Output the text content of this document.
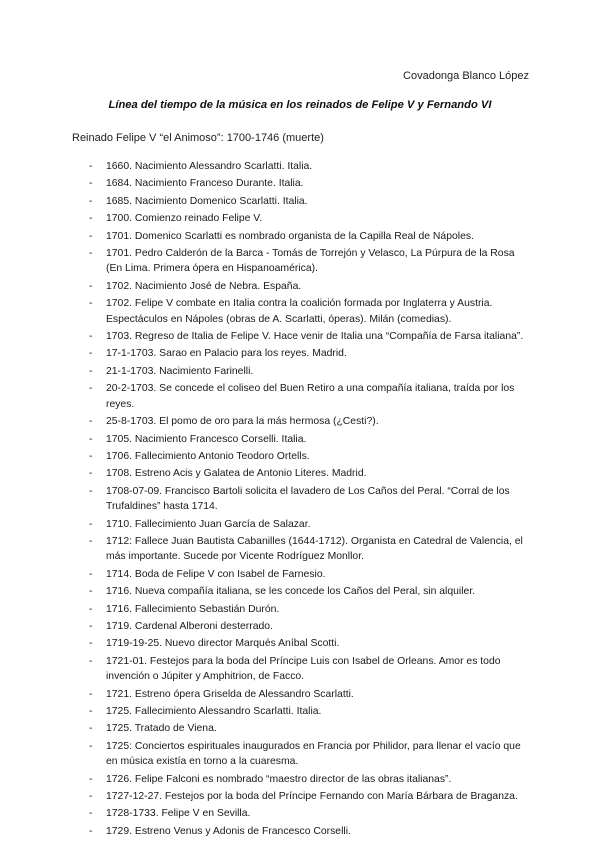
Covadonga Blanco López
Línea del tiempo de la música en los reinados de Felipe V y Fernando VI
Reinado Felipe V “el Animoso”: 1700-1746 (muerte)
- 1660. Nacimiento Alessandro Scarlatti. Italia.
- 1684. Nacimiento Franceso Durante. Italia.
- 1685. Nacimiento Domenico Scarlatti. Italia.
- 1700. Comienzo reinado Felipe V.
- 1701. Domenico Scarlatti es nombrado organista de la Capilla Real de Nápoles.
- 1701. Pedro Calderón de la Barca - Tomás de Torrejón y Velasco, La Púrpura de la Rosa (En Lima. Primera ópera en Hispanoamérica).
- 1702. Nacimiento José de Nebra. España.
- 1702. Felipe V combate en Italia contra la coalición formada por Inglaterra y Austria. Espectáculos en Nápoles (obras de A. Scarlatti, óperas). Milán (comedias).
- 1703. Regreso de Italia de Felipe V. Hace venir de Italia una “Compañía de Farsa italiana”.
- 17-1-1703. Sarao en Palacio para los reyes. Madrid.
- 21-1-1703. Nacimiento Farinelli.
- 20-2-1703. Se concede el coliseo del Buen Retiro a una compañía italiana, traída por los reyes.
- 25-8-1703. El pomo de oro para la más hermosa (¿Cesti?).
- 1705. Nacimiento Francesco Corselli. Italia.
- 1706. Fallecimiento Antonio Teodoro Ortells.
- 1708. Estreno Acis y Galatea de Antonio Literes. Madrid.
- 1708-07-09. Francisco Bartoli solicita el lavadero de Los Caños del Peral. “Corral de los Trufaldines” hasta 1714.
- 1710. Fallecimiento Juan García de Salazar.
- 1712: Fallece Juan Bautista Cabanilles (1644-1712). Organista en Catedral de Valencia, el más importante. Sucede por Vicente Rodríguez Monllor.
- 1714. Boda de Felipe V con Isabel de Farnesio.
- 1716. Nueva compañía italiana, se les concede los Caños del Peral, sin alquiler.
- 1716. Fallecimiento Sebastián Durón.
- 1719. Cardenal Alberoni desterrado.
- 1719-19-25. Nuevo director Marqués Aníbal Scotti.
- 1721-01. Festejos para la boda del Príncipe Luis con Isabel de Orleans. Amor es todo invención o Júpiter y Amphitrion, de Facco.
- 1721. Estreno ópera Griselda de Alessandro Scarlatti.
- 1725. Fallecimiento Alessandro Scarlatti. Italia.
- 1725. Tratado de Viena.
- 1725: Conciertos espirituales inaugurados en Francia por Philidor, para llenar el vacío que en música existía en torno a la cuaresma.
- 1726. Felipe Falconi es nombrado “maestro director de las obras italianas”.
- 1727-12-27. Festejos por la boda del Príncipe Fernando con María Bárbara de Braganza.
- 1728-1733. Felipe V en Sevilla.
- 1729. Estreno Venus y Adonis de Francesco Corselli.
